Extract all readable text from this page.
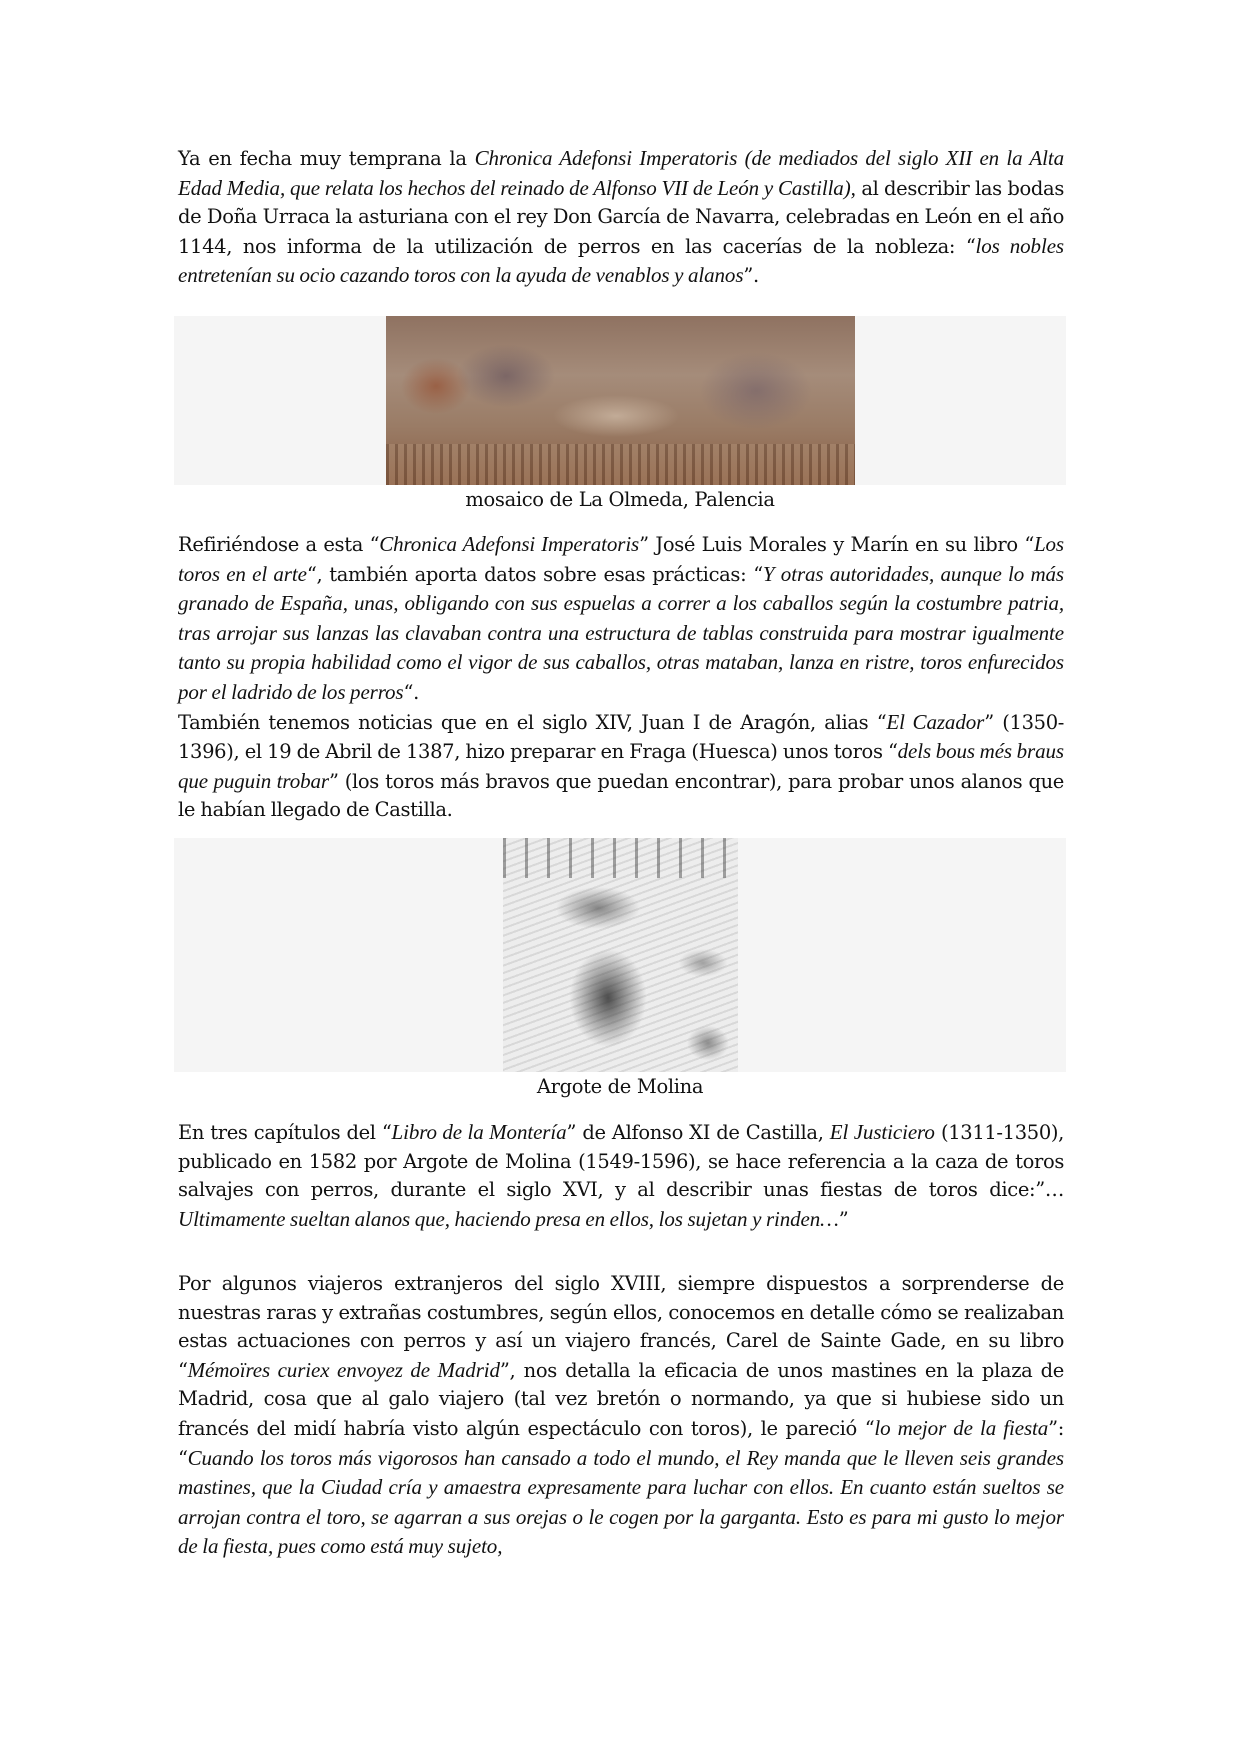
Ya en fecha muy temprana la Chronica Adefonsi Imperatoris (de mediados del siglo XII en la Alta Edad Media, que relata los hechos del reinado de Alfonso VII de León y Castilla), al describir las bodas de Doña Urraca la asturiana con el rey Don García de Navarra, celebradas en León en el año 1144, nos informa de la utilización de perros en las cacerías de la nobleza: “los nobles entretenían su ocio cazando toros con la ayuda de venablos y alanos”.

mosaico de La Olmeda, Palencia

Refiriéndose a esta “Chronica Adefonsi Imperatoris” José Luis Morales y Marín en su libro “Los toros en el arte“, también aporta datos sobre esas prácticas: “Y otras autoridades, aunque lo más granado de España, unas, obligando con sus espuelas a correr a los caballos según la costumbre patria, tras arrojar sus lanzas las clavaban contra una estructura de tablas construida para mostrar igualmente tanto su propia habilidad como el vigor de sus caballos, otras mataban, lanza en ristre, toros enfurecidos por el ladrido de los perros“.

También tenemos noticias que en el siglo XIV, Juan I de Aragón, alias “El Cazador” (1350-1396), el 19 de Abril de 1387, hizo preparar en Fraga (Huesca) unos toros “dels bous més braus que puguin trobar” (los toros más bravos que puedan encontrar), para probar unos alanos que le habían llegado de Castilla.

Argote de Molina

En tres capítulos del “Libro de la Montería” de Alfonso XI de Castilla, El Justiciero (1311-1350), publicado en 1582 por Argote de Molina (1549-1596), se hace referencia a la caza de toros salvajes con perros, durante el siglo XVI, y al describir unas fiestas de toros dice:”…Ultimamente sueltan alanos que, haciendo presa en ellos, los sujetan y rinden…”

Por algunos viajeros extranjeros del siglo XVIII, siempre dispuestos a sorprenderse de nuestras raras y extrañas costumbres, según ellos, conocemos en detalle cómo se realizaban estas actuaciones con perros y así un viajero francés, Carel de Sainte Gade, en su libro “Mémoïres curiex envoyez de Madrid”, nos detalla la eficacia de unos mastines en la plaza de Madrid, cosa que al galo viajero (tal vez bretón o normando, ya que si hubiese sido un francés del midí habría visto algún espectáculo con toros), le pareció “lo mejor de la fiesta”: “Cuando los toros más vigorosos han cansado a todo el mundo, el Rey manda que le lleven seis grandes mastines, que la Ciudad cría y amaestra expresamente para luchar con ellos. En cuanto están sueltos se arrojan contra el toro, se agarran a sus orejas o le cogen por la garganta. Esto es para mi gusto lo mejor de la fiesta, pues como está muy sujeto,
